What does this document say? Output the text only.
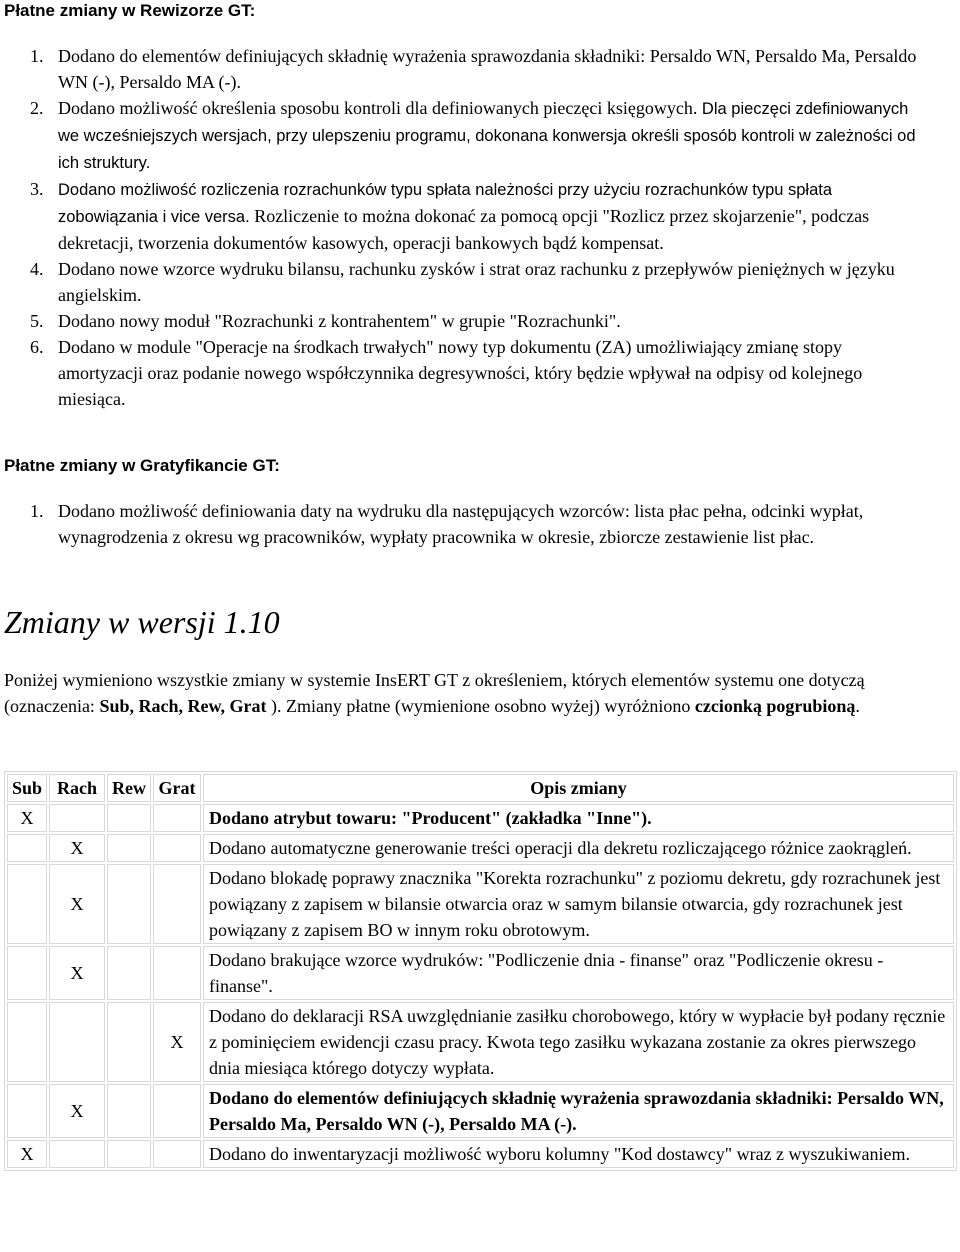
Płatne zmiany w Rewizorze GT:
1. Dodano do elementów definiujących składnię wyrażenia sprawozdania składniki: Persaldo WN, Persaldo Ma, Persaldo WN (-), Persaldo MA (-).
2. Dodano możliwość określenia sposobu kontroli dla definiowanych pieczęci księgowych. Dla pieczęci zdefiniowanych we wcześniejszych wersjach, przy ulepszeniu programu, dokonana konwersja określi sposób kontroli w zależności od ich struktury.
3. Dodano możliwość rozliczenia rozrachunków typu spłata należności przy użyciu rozrachunków typu spłata zobowiązania i vice versa. Rozliczenie to można dokonać za pomocą opcji "Rozlicz przez skojarzenie", podczas dekretacji, tworzenia dokumentów kasowych, operacji bankowych bądź kompensat.
4. Dodano nowe wzorce wydruku bilansu, rachunku zysków i strat oraz rachunku z przepływów pieniężnych w języku angielskim.
5. Dodano nowy moduł "Rozrachunki z kontrahentem" w grupie "Rozrachunki".
6. Dodano w module "Operacje na środkach trwałych" nowy typ dokumentu (ZA) umożliwiający zmianę stopy amortyzacji oraz podanie nowego współczynnika degresywności, który będzie wpływał na odpisy od kolejnego miesiąca.
Płatne zmiany w Gratyfikancie GT:
1. Dodano możliwość definiowania daty na wydruku dla następujących wzorców: lista płac pełna, odcinki wypłat, wynagrodzenia z okresu wg pracowników, wypłaty pracownika w okresie, zbiorcze zestawienie list płac.
Zmiany w wersji 1.10

Poniżej wymieniono wszystkie zmiany w systemie InsERT GT z określeniem, których elementów systemu one dotyczą (oznaczenia: Sub, Rach, Rew, Grat ). Zmiany płatne (wymienione osobno wyżej) wyróżniono czcionką pogrubioną.

Sub	Rach	Rew	Grat	Opis zmiany
X				Dodano atrybut towaru: "Producent" (zakładka "Inne").
	X			Dodano automatyczne generowanie treści operacji dla dekretu rozliczającego różnice zaokrągleń.
	X			Dodano blokadę poprawy znacznika "Korekta rozrachunku" z poziomu dekretu, gdy rozrachunek jest powiązany z zapisem w bilansie otwarcia oraz w samym bilansie otwarcia, gdy rozrachunek jest powiązany z zapisem BO w innym roku obrotowym.
	X			Dodano brakujące wzorce wydruków: "Podliczenie dnia - finanse" oraz "Podliczenie okresu - finanse".
			X	Dodano do deklaracji RSA uwzględnianie zasiłku chorobowego, który w wypłacie był podany ręcznie z pominięciem ewidencji czasu pracy. Kwota tego zasiłku wykazana zostanie za okres pierwszego dnia miesiąca którego dotyczy wypłata.
	X			Dodano do elementów definiujących składnię wyrażenia sprawozdania składniki: Persaldo WN, Persaldo Ma, Persaldo WN (-), Persaldo MA (-).
X				Dodano do inwentaryzacji możliwość wyboru kolumny "Kod dostawcy" wraz z wyszukiwaniem.
